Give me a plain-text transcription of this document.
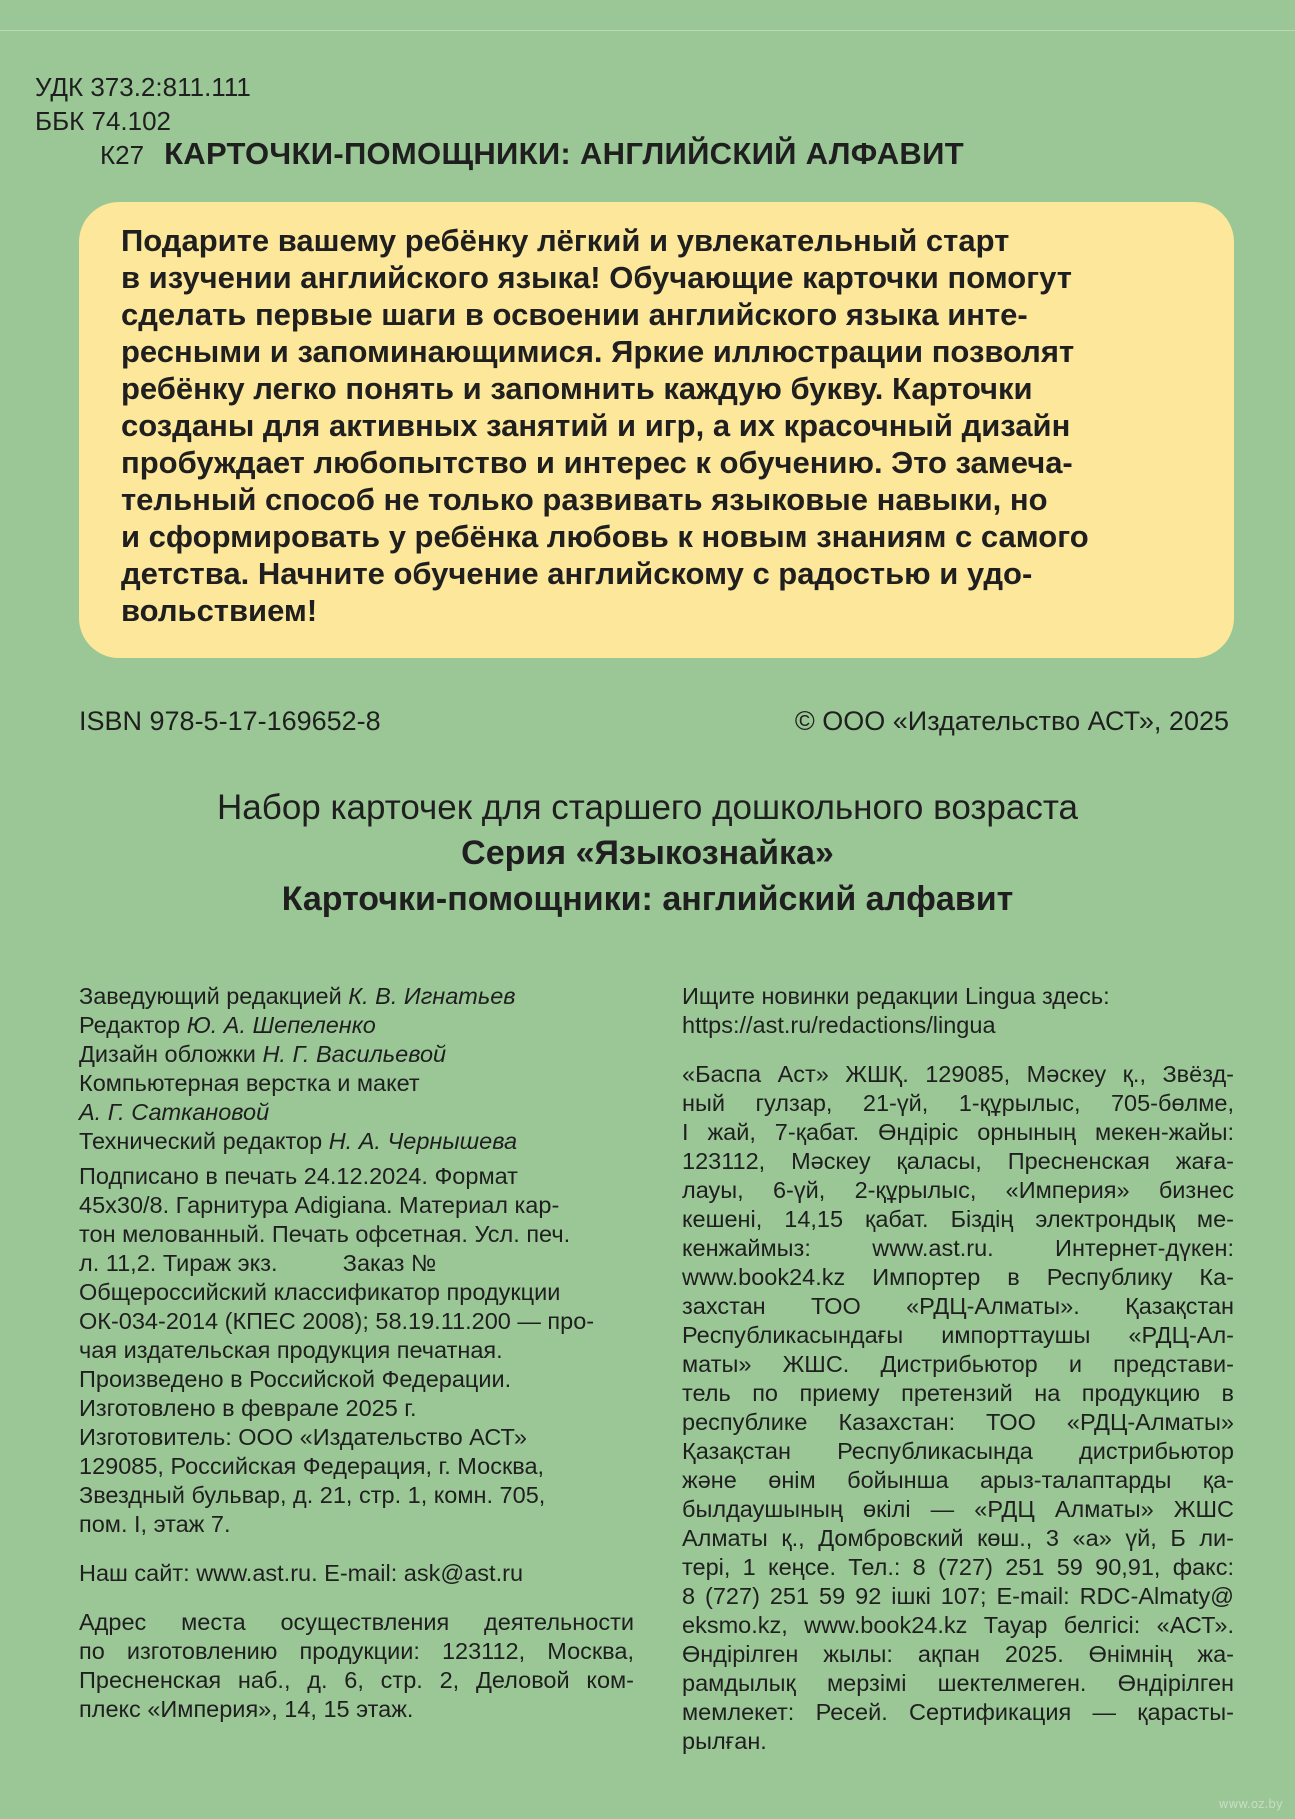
УДК 373.2:811.111
ББК 74.102
К27 КАРТОЧКИ-ПОМОЩНИКИ: АНГЛИЙСКИЙ АЛФАВИТ
Подарите вашему ребёнку лёгкий и увлекательный старт
в изучении английского языка! Обучающие карточки помогут
сделать первые шаги в освоении английского языка инте-
ресными и запоминающимися. Яркие иллюстрации позволят
ребёнку легко понять и запомнить каждую букву. Карточки
созданы для активных занятий и игр, а их красочный дизайн
пробуждает любопытство и интерес к обучению. Это замеча-
тельный способ не только развивать языковые навыки, но
и сформировать у ребёнка любовь к новым знаниям с самого
детства. Начните обучение английскому с радостью и удо-
вольствием!
ISBN 978-5-17-169652-8	© ООО «Издательство АСТ», 2025
Набор карточек для старшего дошкольного возраста
Серия «Языкознайка»
Карточки-помощники: английский алфавит
Заведующий редакцией К. В. Игнатьев
Редактор Ю. А. Шепеленко
Дизайн обложки Н. Г. Васильевой
Компьютерная верстка и макет
А. Г. Саткановой
Технический редактор Н. А. Чернышева
Подписано в печать 24.12.2024. Формат
45х30/8. Гарнитура Adigiana. Материал кар-
тон мелованный. Печать офсетная. Усл. печ.
л. 11,2. Тираж экз.          Заказ №
Общероссийский классификатор продукции
ОК-034-2014 (КПЕС 2008); 58.19.11.200 — про-
чая издательская продукция печатная.
Произведено в Российской Федерации.
Изготовлено в феврале 2025 г.
Изготовитель: ООО «Издательство АСТ»
129085, Российская Федерация, г. Москва,
Звездный бульвар, д. 21, стр. 1, комн. 705,
пом. I, этаж 7.
Наш сайт: www.ast.ru. E-mail: ask@ast.ru
Адрес места осуществления деятельности
по изготовлению продукции: 123112, Москва,
Пресненская наб., д. 6, стр. 2, Деловой ком-
плекс «Империя», 14, 15 этаж.
Ищите новинки редакции Lingua здесь:
https://ast.ru/redactions/lingua
«Баспа Аст» ЖШҚ. 129085, Мәскеу қ., Звёзд-
ный гулзар, 21-үй, 1-құрылыс, 705-бөлме,
I жай, 7-қабат. Өндіріс орнының мекен-жайы:
123112, Мәскеу қаласы, Пресненская жаға-
лауы, 6-үй, 2-құрылыс, «Империя» бизнес
кешені, 14,15 қабат. Біздің электрондық ме-
кенжаймыз: www.ast.ru. Интернет-дүкен:
www.book24.kz Импортер в Республику Ка-
захстан ТОО «РДЦ-Алматы». Қазақстан
Республикасындағы импорттаушы «РДЦ-Ал-
маты» ЖШС. Дистрибьютор и представи-
тель по приему претензий на продукцию в
республике Казахстан: ТОО «РДЦ-Алматы»
Қазақстан Республикасында дистрибьютор
және өнім бойынша арыз-талаптарды қа-
былдаушының өкілі — «РДЦ Алматы» ЖШС
Алматы қ., Домбровский көш., 3 «а» үй, Б ли-
тері, 1 кеңсе. Тел.: 8 (727) 251 59 90,91, факс:
8 (727) 251 59 92 ішкі 107; E-mail: RDC-Almaty@
eksmo.kz, www.book24.kz Тауар белгісі: «АСТ».
Өндірілген жылы: ақпан 2025. Өнімнің жа-
рамдылық мерзімі шектелмеген. Өндірілген
мемлекет: Ресей. Сертификация — қарасты-
рылған.
www.oz.by
